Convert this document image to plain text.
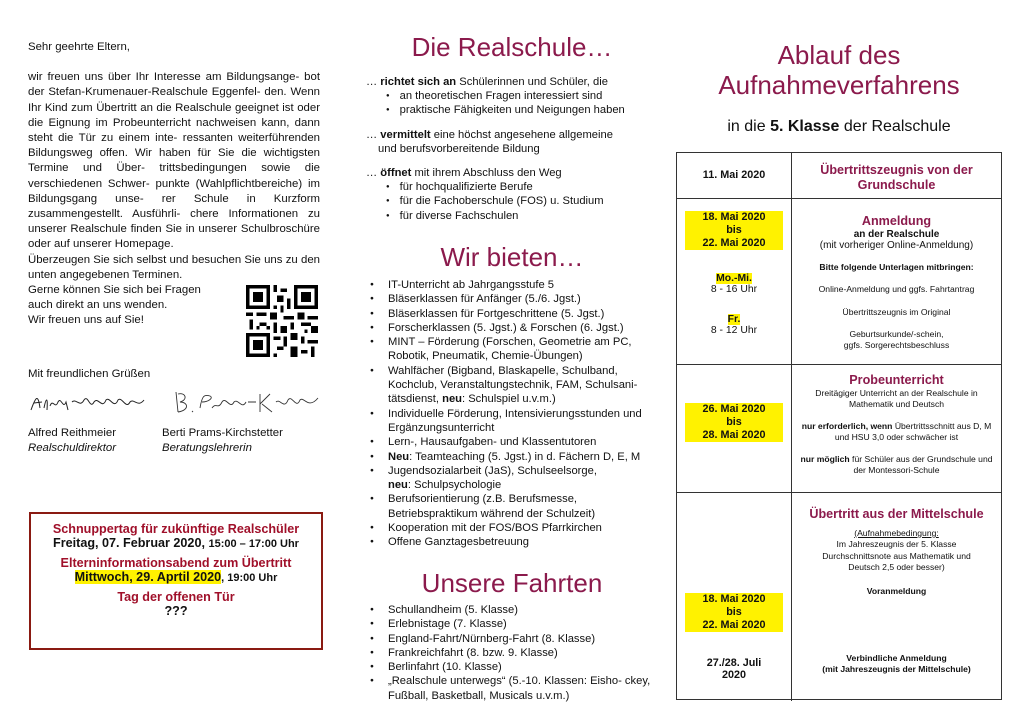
Sehr geehrte Eltern,
wir freuen uns über Ihr Interesse am Bildungsange- bot der Stefan-Krumenauer-Realschule Eggenfel- den. Wenn Ihr Kind zum Übertritt an die Realschule geeignet ist oder die Eignung im Probeunterricht nachweisen kann, dann steht die Tür zu einem inte- ressanten weiterführenden Bildungsweg offen. Wir haben für Sie die wichtigsten Termine und Über- trittsbedingungen sowie die verschiedenen Schwer- punkte (Wahlpflichtbereiche) im Bildungsgang unse- rer Schule in Kurzform zusammengestellt. Ausführli- chere Informationen zu unserer Realschule finden Sie in unserer Schulbroschüre oder auf unserer Homepage.
Überzeugen Sie sich selbst und besuchen Sie uns zu den unten angegebenen Terminen.
Gerne können Sie sich bei Fragen
auch direkt an uns wenden.
Wir freuen uns auf Sie!
Mit freundlichen Grüßen
Alfred Reithmeier
Realschuldirektor
Berti Prams-Kirchstetter
Beratungslehrerin
Schnuppertag für zukünftige Realschüler
Freitag, 07. Februar 2020, 15:00 – 17:00 Uhr
Elterninformationsabend zum Übertritt
Mittwoch, 29. Aprtil 2020, 19:00 Uhr
Tag der offenen Tür
???
Die Realschule…
… richtet sich an Schülerinnen und Schüler, die
● an theoretischen Fragen interessiert sind
● praktische Fähigkeiten und Neigungen haben
… vermittelt eine höchst angesehene allgemeine
und berufsvorbereitende Bildung
… öffnet mit ihrem Abschluss den Weg
● für hochqualifizierte Berufe
● für die Fachoberschule (FOS) u. Studium
● für diverse Fachschulen
Wir bieten…
● IT-Unterricht ab Jahrgangsstufe 5
● Bläserklassen für Anfänger (5./6. Jgst.)
● Bläserklassen für Fortgeschrittene (5. Jgst.)
● Forscherklassen (5. Jgst.) & Forschen (6. Jgst.)
● MINT – Förderung (Forschen, Geometrie am PC, Robotik, Pneumatik, Chemie-Übungen)
● Wahlfächer (Bigband, Blaskapelle, Schulband, Kochclub, Veranstaltungstechnik, FAM, Schulsani- tätsdienst, neu: Schulspiel u.v.m.)
● Individuelle Förderung, Intensivierungsstunden und Ergänzungsunterricht
● Lern-, Hausaufgaben- und Klassentutoren
● Neu: Teamteaching (5. Jgst.) in d. Fächern D, E, M
● Jugendsozialarbeit (JaS), Schulseelsorge,
neu: Schulpsychologie
● Berufsorientierung (z.B. Berufsmesse, Betriebspraktikum während der Schulzeit)
● Kooperation mit der FOS/BOS Pfarrkirchen
● Offene Ganztagesbetreuung
Unsere Fahrten
● Schullandheim (5. Klasse)
● Erlebnistage (7. Klasse)
● England-Fahrt/Nürnberg-Fahrt (8. Klasse)
● Frankreichfahrt (8. bzw. 9. Klasse)
● Berlinfahrt (10. Klasse)
● „Realschule unterwegs“ (5.-10. Klassen: Eisho- ckey, Fußball, Basketball, Musicals u.v.m.)
Ablauf des Aufnahmeverfahrens
in die 5. Klasse der Realschule
11. Mai 2020	Übertrittszeugnis von der Grundschule
18. Mai 2020
bis
22. Mai 2020
Mo.-Mi.
8 - 16 Uhr
Fr.
8 - 12 Uhr
Anmeldung
an der Realschule
(mit vorheriger Online-Anmeldung)
Bitte folgende Unterlagen mitbringen:
Online-Anmeldung und ggfs. Fahrtantrag
Übertrittszeugnis im Original
Geburtsurkunde/-schein,
ggfs. Sorgerechtsbeschluss
26. Mai 2020
bis
28. Mai 2020
Probeunterricht
Dreitägiger Unterricht an der Realschule in Mathematik und Deutsch
nur erforderlich, wenn Übertrittsschnitt aus D, M und HSU 3,0 oder schwächer ist
nur möglich für Schüler aus der Grundschule und der Montessori-Schule
18. Mai 2020
bis
22. Mai 2020
27./28. Juli
2020
Übertritt aus der Mittelschule
(Aufnahmebedingung:
Im Jahreszeugnis der 5. Klasse Durchschnittsnote aus Mathematik und Deutsch 2,5 oder besser)
Voranmeldung
Verbindliche Anmeldung
(mit Jahreszeugnis der Mittelschule)
